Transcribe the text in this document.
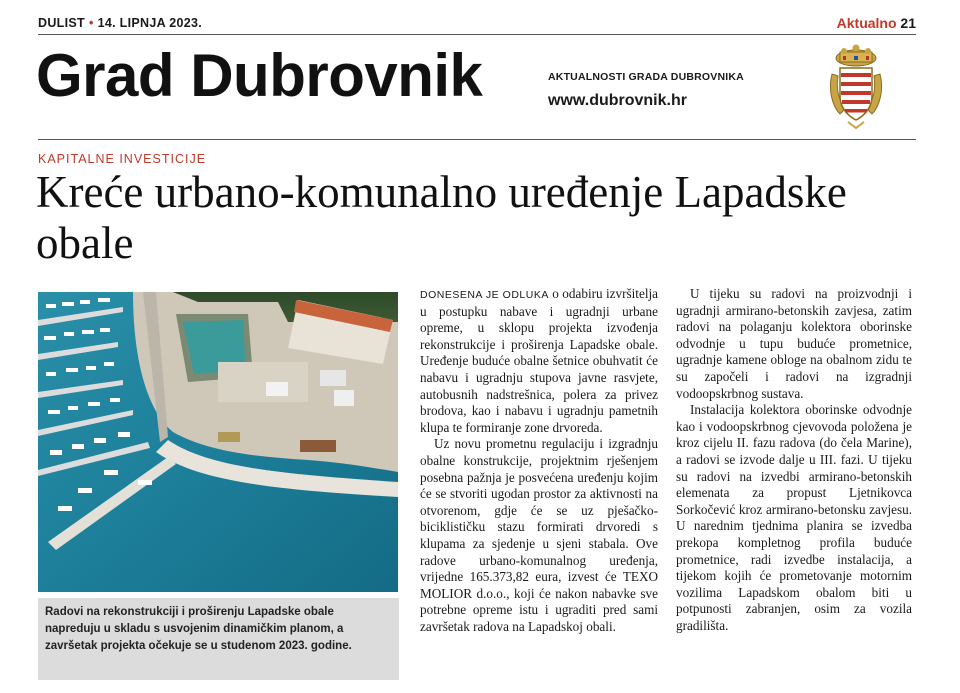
DULIST • 14. LIPNJA 2023.	Aktualno 21
Grad Dubrovnik	AKTUALNOSTI GRADA DUBROVNIKA
www.dubrovnik.hr
KAPITALNE INVESTICIJE
Kreće urbano-komunalno uređenje Lapadske obale
Radovi na rekonstrukciji i proširenju Lapadske obale napreduju u skladu s usvojenim dinamičkim planom, a završetak projekta očekuje se u studenom 2023. godine.

DONESENA JE ODLUKA o odabiru izvršitelja u postupku nabave i ugradnji urbane opreme, u sklopu projekta izvođenja rekonstrukcije i proširenja Lapadske obale. Uređenje buduće obalne šetnice obuhvatit će nabavu i ugradnju stupova javne rasvjete, autobusnih nadstrešnica, polera za privez brodova, kao i nabavu i ugradnju pametnih klupa te formiranje zone drvoreda.

Uz novu prometnu regulaciju i izgradnju obalne konstrukcije, projektnim rješenjem posebna pažnja je posvećena uređenju kojim će se stvoriti ugodan prostor za aktivnosti na otvorenom, gdje će se uz pješačko-biciklističku stazu formirati drvoredi s klupama za sjedenje u sjeni stabala. Ove radove urbano-komunalnog uređenja, vrijedne 165.373,82 eura, izvest će TEXO MOLIOR d.o.o., koji će nakon nabavke sve potrebne opreme istu i ugraditi pred sami završetak radova na Lapadskoj obali.

U tijeku su radovi na proizvodnji i ugradnji armirano-betonskih zavjesa, zatim radovi na polaganju kolektora oborinske odvodnje u tupu buduće prometnice, ugradnje kamene obloge na obalnom zidu te su započeli i radovi na izgradnji vodoopskrbnog sustava.

Instalacija kolektora oborinske odvodnje kao i vodoopskrbnog cjevovoda položena je kroz cijelu II. fazu radova (do čela Marine), a radovi se izvode dalje u III. fazi. U tijeku su radovi na izvedbi armirano-betonskih elemenata za propust Ljetnikovca Sorkočević kroz armirano-betonsku zavjesu. U narednim tjednima planira se izvedba prekopa kompletnog profila buduće prometnice, radi izvedbe instalacija, a tijekom kojih će prometovanje motornim vozilima Lapadskom obalom biti u potpunosti zabranjen, osim za vozila gradilišta.
